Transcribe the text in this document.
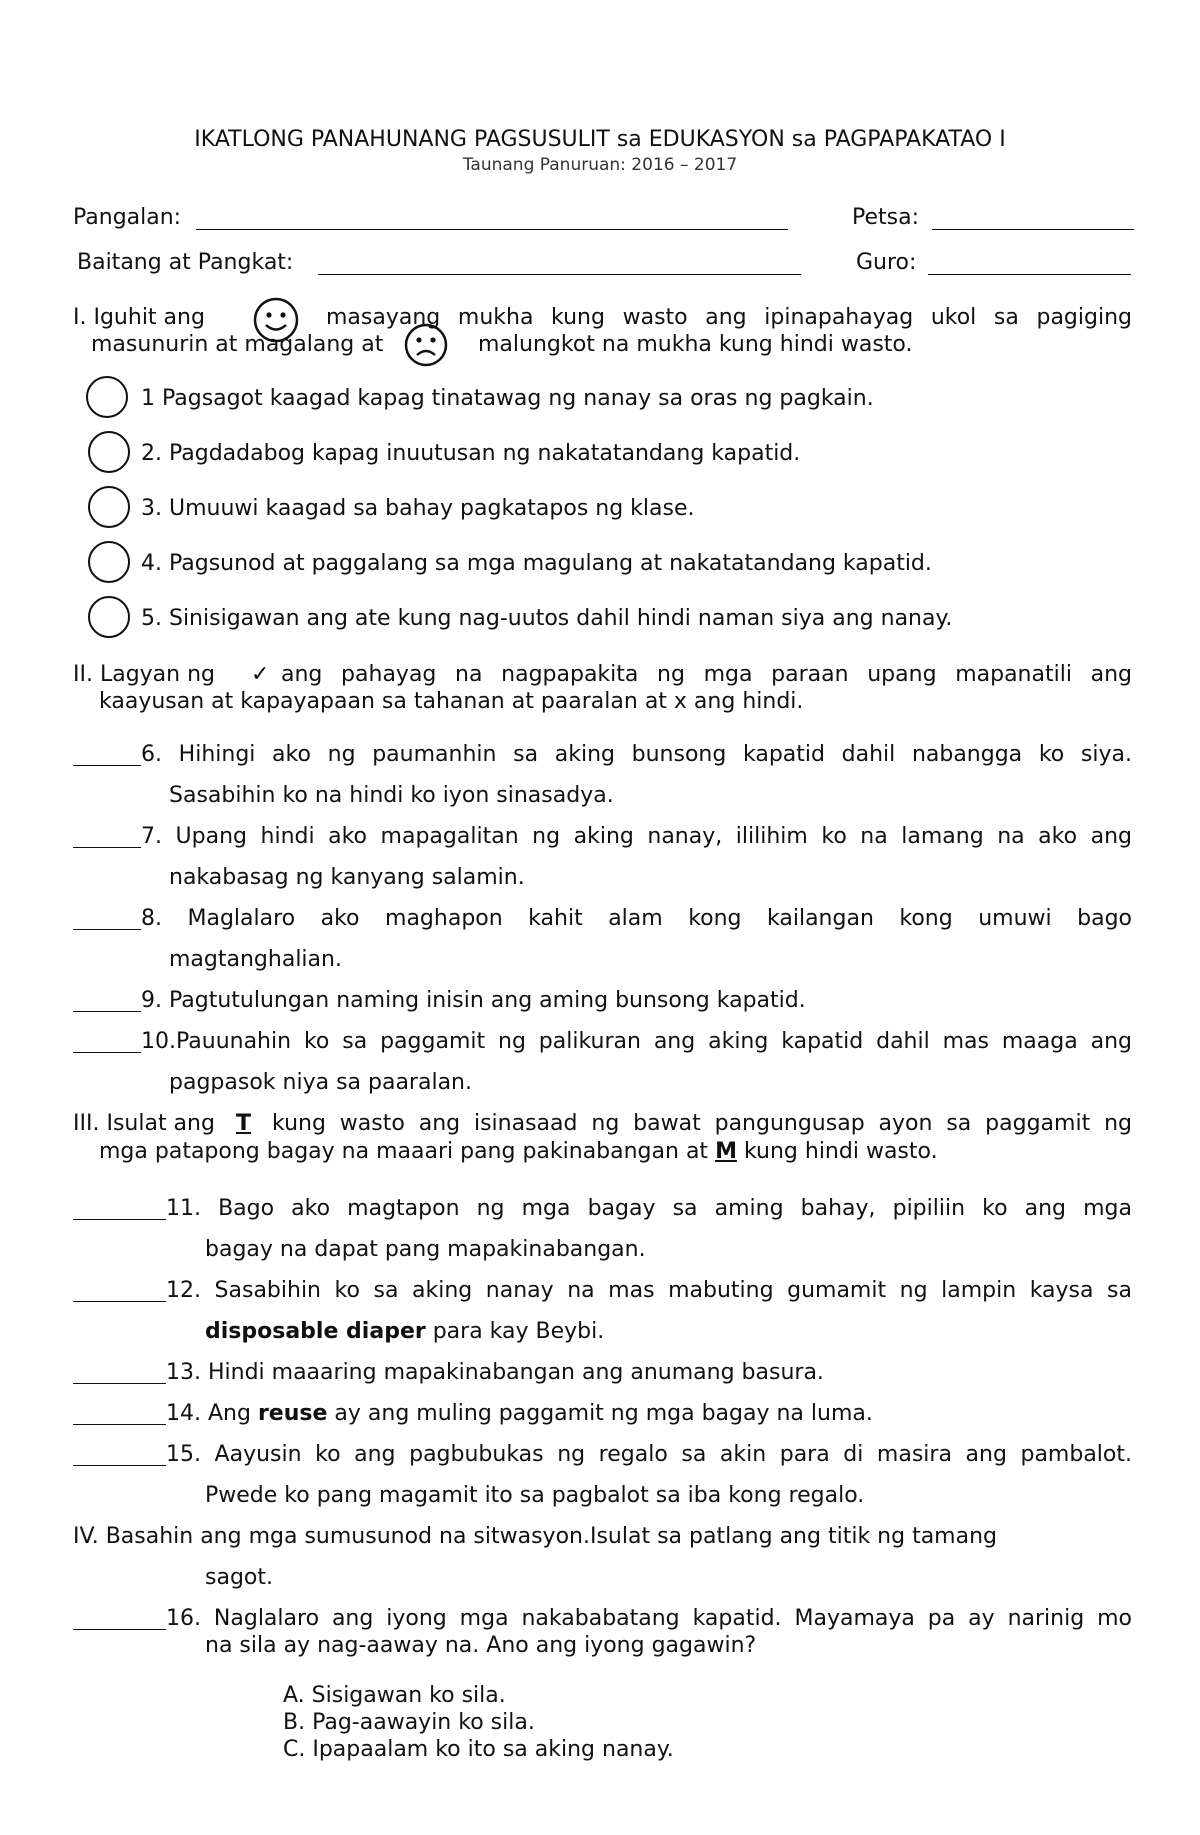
IKATLONG PANAHUNANG PAGSUSULIT sa EDUKASYON sa PAGPAPAKATAO I
Taunang Panuruan: 2016 – 2017
Pangalan:	Petsa:
Baitang at Pangkat:	Guro:
I. Iguhit ang	masayang mukha kung wasto ang ipinapahayag ukol sa pagiging
masunurin at magalang at	malungkot na mukha kung hindi wasto.
1 Pagsagot kaagad kapag tinatawag ng nanay sa oras ng pagkain.
2. Pagdadabog kapag inuutusan ng nakatatandang kapatid.
3. Umuuwi kaagad sa bahay pagkatapos ng klase.
4. Pagsunod at paggalang sa mga magulang at nakatatandang kapatid.
5. Sinisigawan ang ate kung nag-uutos dahil hindi naman siya ang nanay.
II. Lagyan ng ✓ ang pahayag na nagpapakita ng mga paraan upang mapanatili ang
kaayusan at kapayapaan sa tahanan at paaralan at x ang hindi.
6. Hihingi ako ng paumanhin sa aking bunsong kapatid dahil nabangga ko siya.
Sasabihin ko na hindi ko iyon sinasadya.
7. Upang hindi ako mapagalitan ng aking nanay, ililihim ko na lamang na ako ang
nakabasag ng kanyang salamin.
8. Maglalaro ako maghapon kahit alam kong kailangan kong umuwi bago
magtanghalian.
9. Pagtutulungan naming inisin ang aming bunsong kapatid.
10.Pauunahin ko sa paggamit ng palikuran ang aking kapatid dahil mas maaga ang
pagpasok niya sa paaralan.
III. Isulat ang T kung wasto ang isinasaad ng bawat pangungusap ayon sa paggamit ng
mga patapong bagay na maaari pang pakinabangan at M kung hindi wasto.
11. Bago ako magtapon ng mga bagay sa aming bahay, pipiliin ko ang mga
bagay na dapat pang mapakinabangan.
12. Sasabihin ko sa aking nanay na mas mabuting gumamit ng lampin kaysa sa
disposable diaper para kay Beybi.
13. Hindi maaaring mapakinabangan ang anumang basura.
14. Ang reuse ay ang muling paggamit ng mga bagay na luma.
15. Aayusin ko ang pagbubukas ng regalo sa akin para di masira ang pambalot.
Pwede ko pang magamit ito sa pagbalot sa iba kong regalo.
IV. Basahin ang mga sumusunod na sitwasyon.Isulat sa patlang ang titik ng tamang
sagot.
16. Naglalaro ang iyong mga nakababatang kapatid. Mayamaya pa ay narinig mo
na sila ay nag-aaway na. Ano ang iyong gagawin?
A. Sisigawan ko sila.
B. Pag-aawayin ko sila.
C. Ipapaalam ko ito sa aking nanay.
